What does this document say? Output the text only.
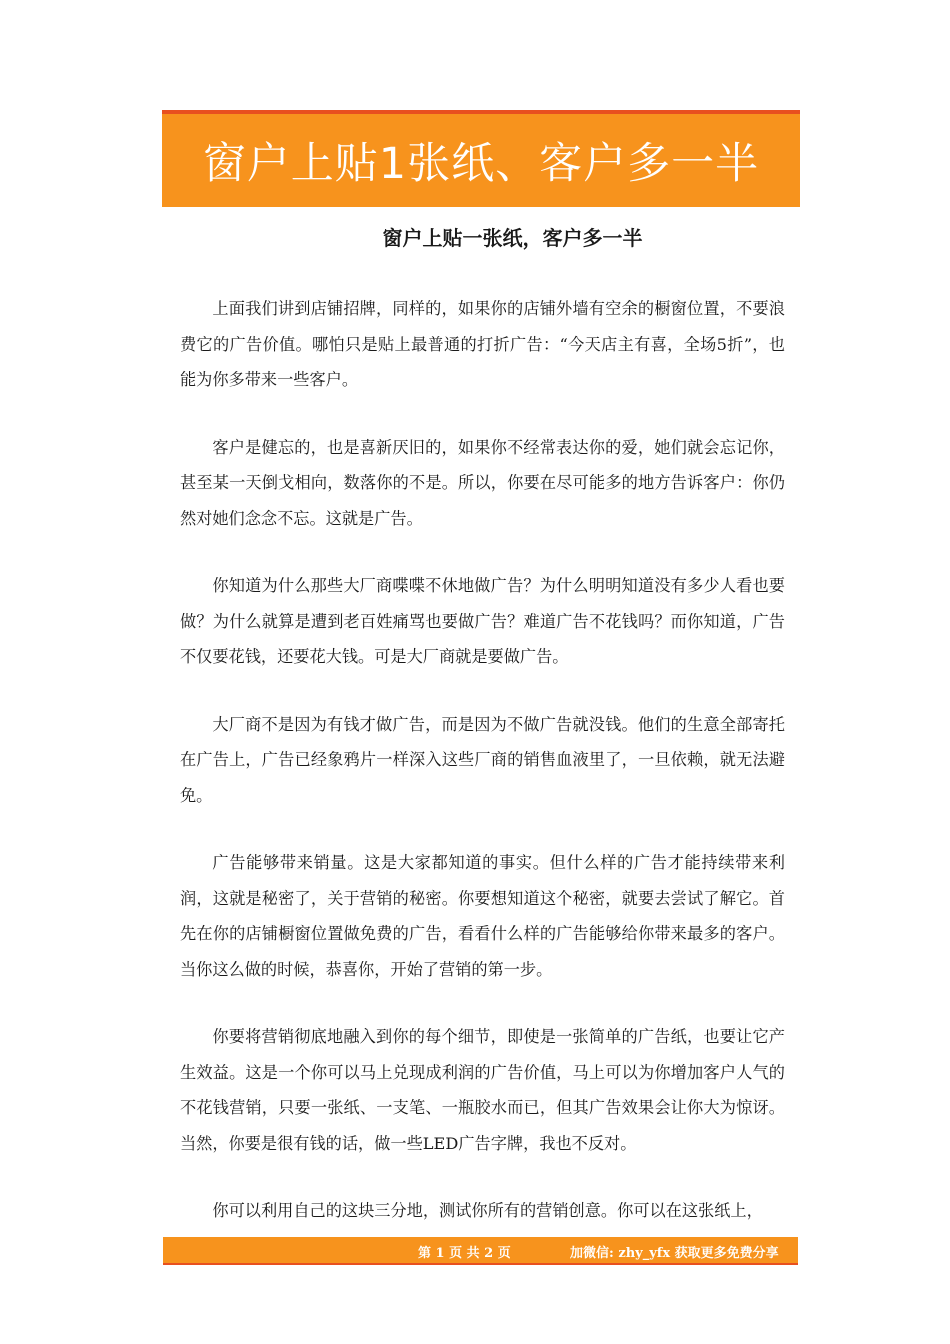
窗户上贴1张纸、客户多一半
窗户上贴一张纸，客户多一半

上面我们讲到店铺招牌，同样的，如果你的店铺外墙有空余的橱窗位置，不要浪费它的广告价值。哪怕只是贴上最普通的打折广告：“今天店主有喜，全场5折”，也能为你多带来一些客户。

客户是健忘的，也是喜新厌旧的，如果你不经常表达你的爱，她们就会忘记你，甚至某一天倒戈相向，数落你的不是。所以，你要在尽可能多的地方告诉客户：你仍然对她们念念不忘。这就是广告。

你知道为什么那些大厂商喋喋不休地做广告？为什么明明知道没有多少人看也要做？为什么就算是遭到老百姓痛骂也要做广告？难道广告不花钱吗？而你知道，广告不仅要花钱，还要花大钱。可是大厂商就是要做广告。

大厂商不是因为有钱才做广告，而是因为不做广告就没钱。他们的生意全部寄托在广告上，广告已经象鸦片一样深入这些厂商的销售血液里了，一旦依赖，就无法避免。

广告能够带来销量。这是大家都知道的事实。但什么样的广告才能持续带来利润，这就是秘密了，关于营销的秘密。你要想知道这个秘密，就要去尝试了解它。首先在你的店铺橱窗位置做免费的广告，看看什么样的广告能够给你带来最多的客户。当你这么做的时候，恭喜你，开始了营销的第一步。

你要将营销彻底地融入到你的每个细节，即使是一张简单的广告纸，也要让它产生效益。这是一个你可以马上兑现成利润的广告价值，马上可以为你增加客户人气的不花钱营销，只要一张纸、一支笔、一瓶胶水而已，但其广告效果会让你大为惊讶。当然，你要是很有钱的话，做一些LED广告字牌，我也不反对。

你可以利用自己的这块三分地，测试你所有的营销创意。你可以在这张纸上，

第 1 页 共 2 页	加微信: zhy_yfx 获取更多免费分享
